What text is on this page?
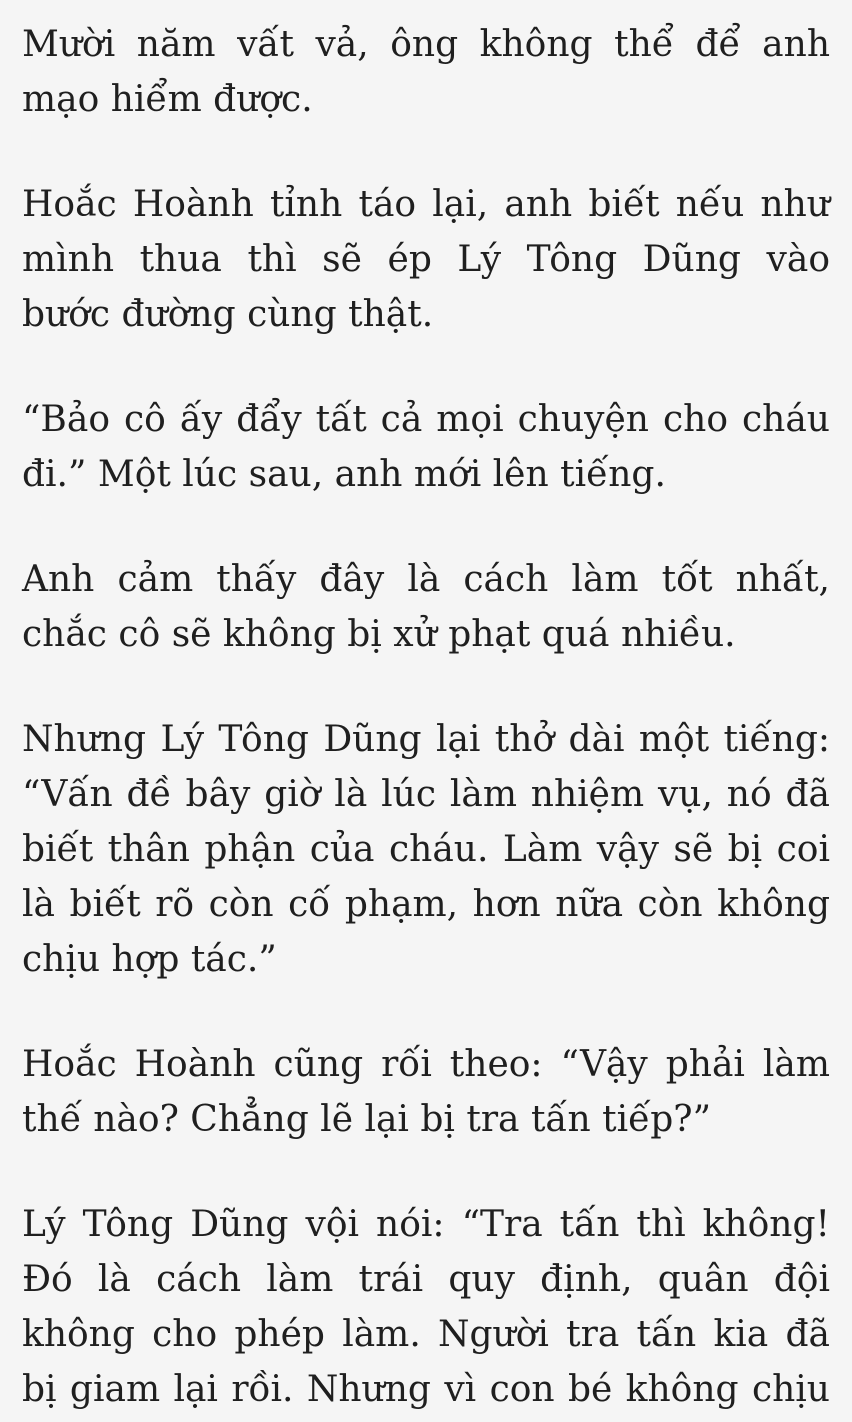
Mười năm vất vả, ông không thể để anh
mạo hiểm được.

Hoắc Hoành tỉnh táo lại, anh biết nếu như
mình thua thì sẽ ép Lý Tông Dũng vào
bước đường cùng thật.

“Bảo cô ấy đẩy tất cả mọi chuyện cho cháu
đi.” Một lúc sau, anh mới lên tiếng.

Anh cảm thấy đây là cách làm tốt nhất,
chắc cô sẽ không bị xử phạt quá nhiều.

Nhưng Lý Tông Dũng lại thở dài một tiếng:
“Vấn đề bây giờ là lúc làm nhiệm vụ, nó đã
biết thân phận của cháu. Làm vậy sẽ bị coi
là biết rõ còn cố phạm, hơn nữa còn không
chịu hợp tác.”

Hoắc Hoành cũng rối theo: “Vậy phải làm
thế nào? Chẳng lẽ lại bị tra tấn tiếp?”

Lý Tông Dũng vội nói: “Tra tấn thì không!
Đó là cách làm trái quy định, quân đội
không cho phép làm. Người tra tấn kia đã
bị giam lại rồi. Nhưng vì con bé không chịu
